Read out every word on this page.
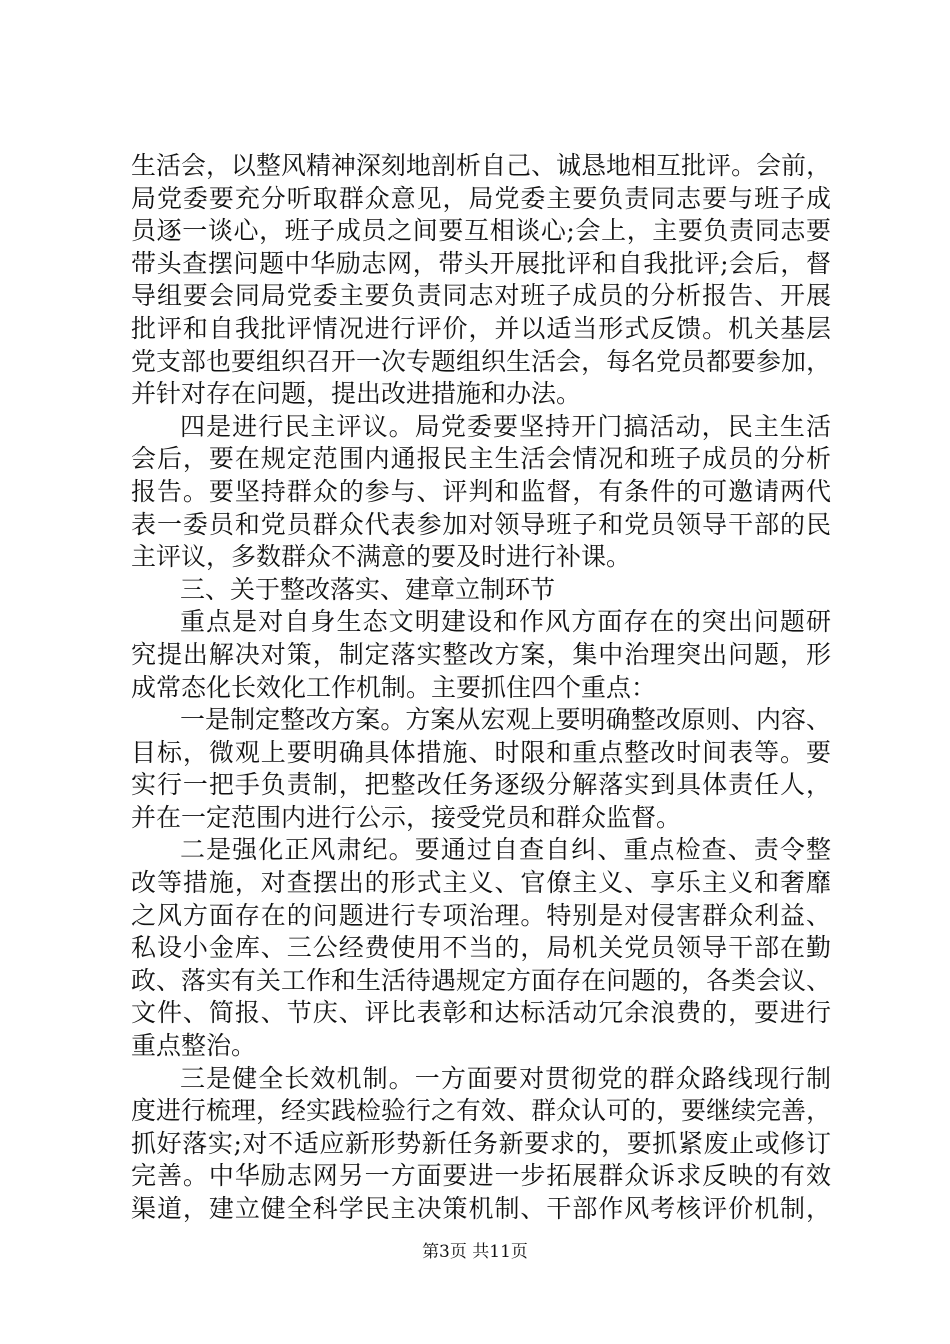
生活会，以整风精神深刻地剖析自己、诚恳地相互批评。会前，
局党委要充分听取群众意见，局党委主要负责同志要与班子成
员逐一谈心，班子成员之间要互相谈心;会上，主要负责同志要
带头查摆问题中华励志网，带头开展批评和自我批评;会后，督
导组要会同局党委主要负责同志对班子成员的分析报告、开展
批评和自我批评情况进行评价，并以适当形式反馈。机关基层
党支部也要组织召开一次专题组织生活会，每名党员都要参加，
并针对存在问题，提出改进措施和办法。
四是进行民主评议。局党委要坚持开门搞活动，民主生活
会后，要在规定范围内通报民主生活会情况和班子成员的分析
报告。要坚持群众的参与、评判和监督，有条件的可邀请两代
表一委员和党员群众代表参加对领导班子和党员领导干部的民
主评议，多数群众不满意的要及时进行补课。
三、关于整改落实、建章立制环节
重点是对自身生态文明建设和作风方面存在的突出问题研
究提出解决对策，制定落实整改方案，集中治理突出问题，形
成常态化长效化工作机制。主要抓住四个重点：
一是制定整改方案。方案从宏观上要明确整改原则、内容、
目标，微观上要明确具体措施、时限和重点整改时间表等。要
实行一把手负责制，把整改任务逐级分解落实到具体责任人，
并在一定范围内进行公示，接受党员和群众监督。
二是强化正风肃纪。要通过自查自纠、重点检查、责令整
改等措施，对查摆出的形式主义、官僚主义、享乐主义和奢靡
之风方面存在的问题进行专项治理。特别是对侵害群众利益、
私设小金库、三公经费使用不当的，局机关党员领导干部在勤
政、落实有关工作和生活待遇规定方面存在问题的，各类会议、
文件、简报、节庆、评比表彰和达标活动冗余浪费的，要进行
重点整治。
三是健全长效机制。一方面要对贯彻党的群众路线现行制
度进行梳理，经实践检验行之有效、群众认可的，要继续完善，
抓好落实;对不适应新形势新任务新要求的，要抓紧废止或修订
完善。中华励志网另一方面要进一步拓展群众诉求反映的有效
渠道，建立健全科学民主决策机制、干部作风考核评价机制，
第3页 共11页
